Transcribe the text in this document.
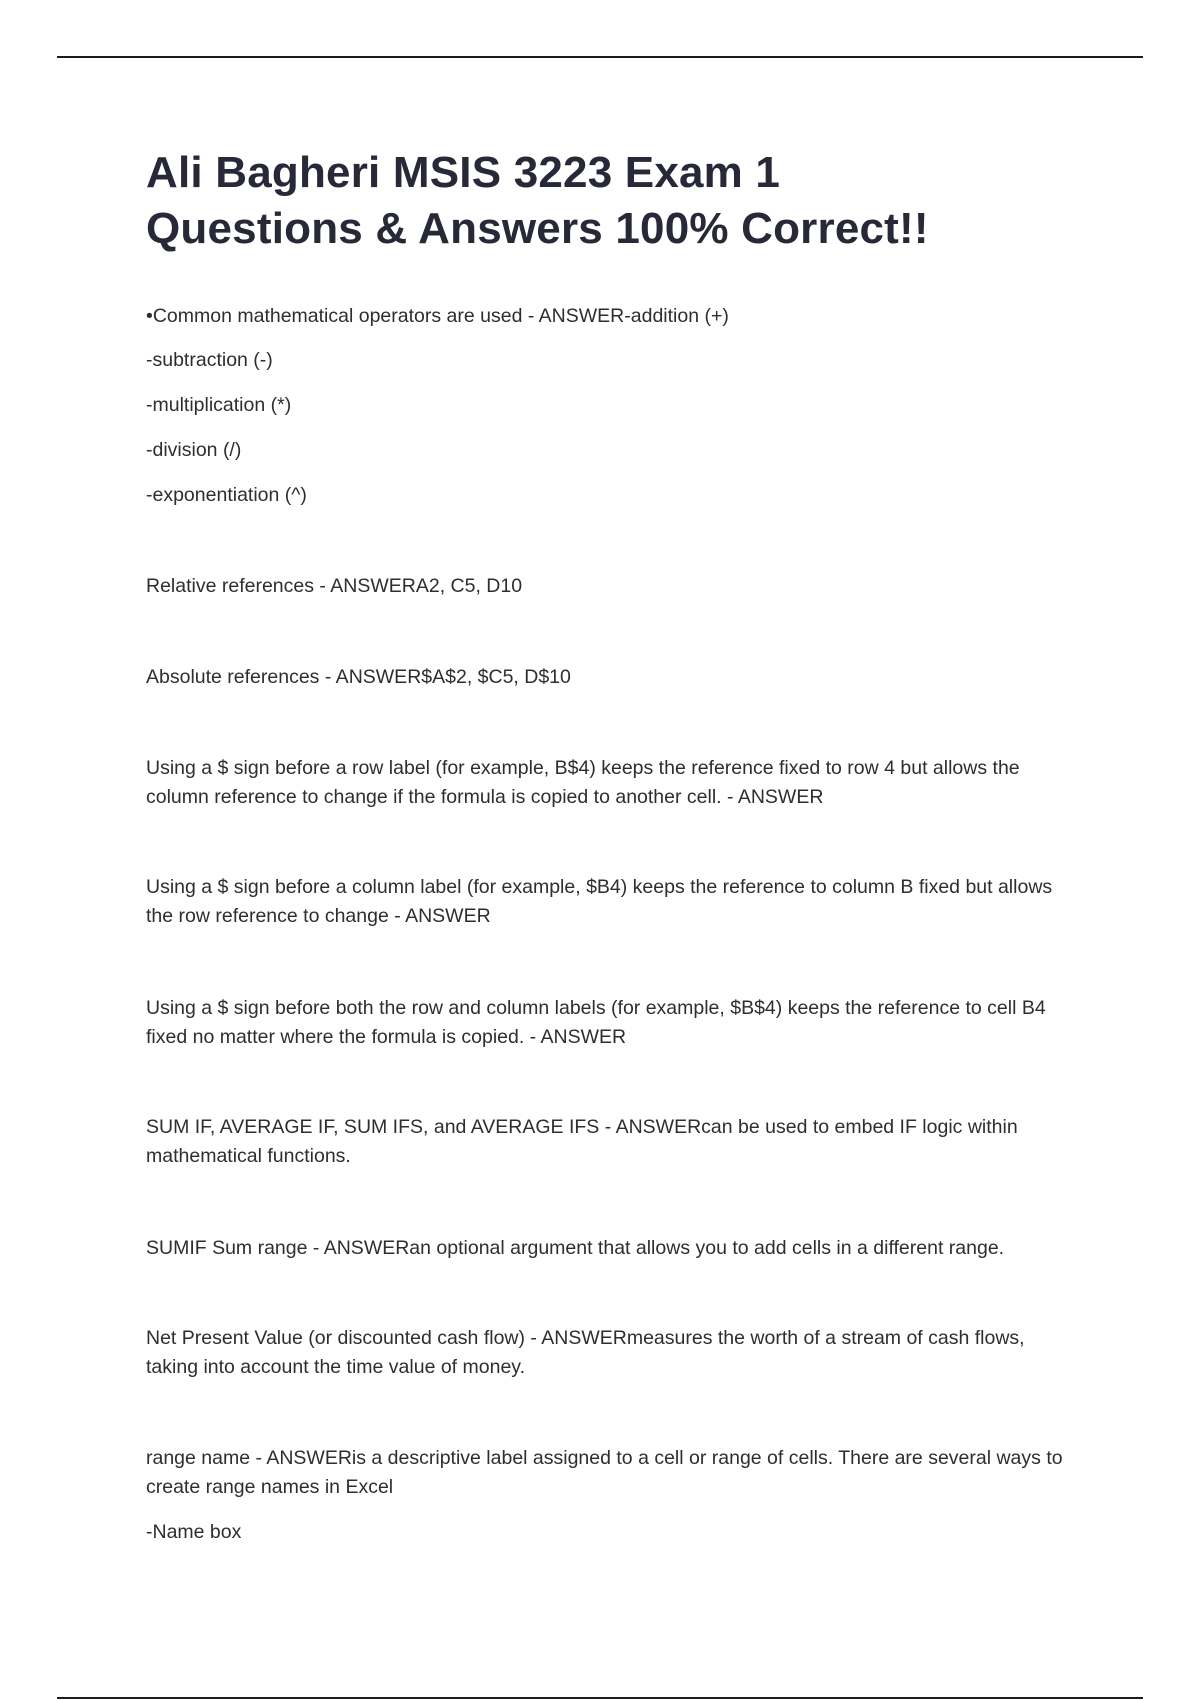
Ali Bagheri MSIS 3223 Exam 1
Questions & Answers 100% Correct!!

•Common mathematical operators are used - ANSWER-addition (+)

-subtraction (-)

-multiplication (*)

-division (/)

-exponentiation (^)

Relative references - ANSWERA2, C5, D10

Absolute references - ANSWER$A$2, $C5, D$10

Using a $ sign before a row label (for example, B$4) keeps the reference fixed to row 4 but allows the column reference to change if the formula is copied to another cell. - ANSWER

Using a $ sign before a column label (for example, $B4) keeps the reference to column B fixed but allows the row reference to change - ANSWER

Using a $ sign before both the row and column labels (for example, $B$4) keeps the reference to cell B4 fixed no matter where the formula is copied. - ANSWER

SUM IF, AVERAGE IF, SUM IFS, and AVERAGE IFS - ANSWERcan be used to embed IF logic within mathematical functions.

SUMIF Sum range - ANSWERan optional argument that allows you to add cells in a different range.

Net Present Value (or discounted cash flow) - ANSWERmeasures the worth of a stream of cash flows, taking into account the time value of money.

range name - ANSWERis a descriptive label assigned to a cell or range of cells. There are several ways to create range names in Excel

-Name box
